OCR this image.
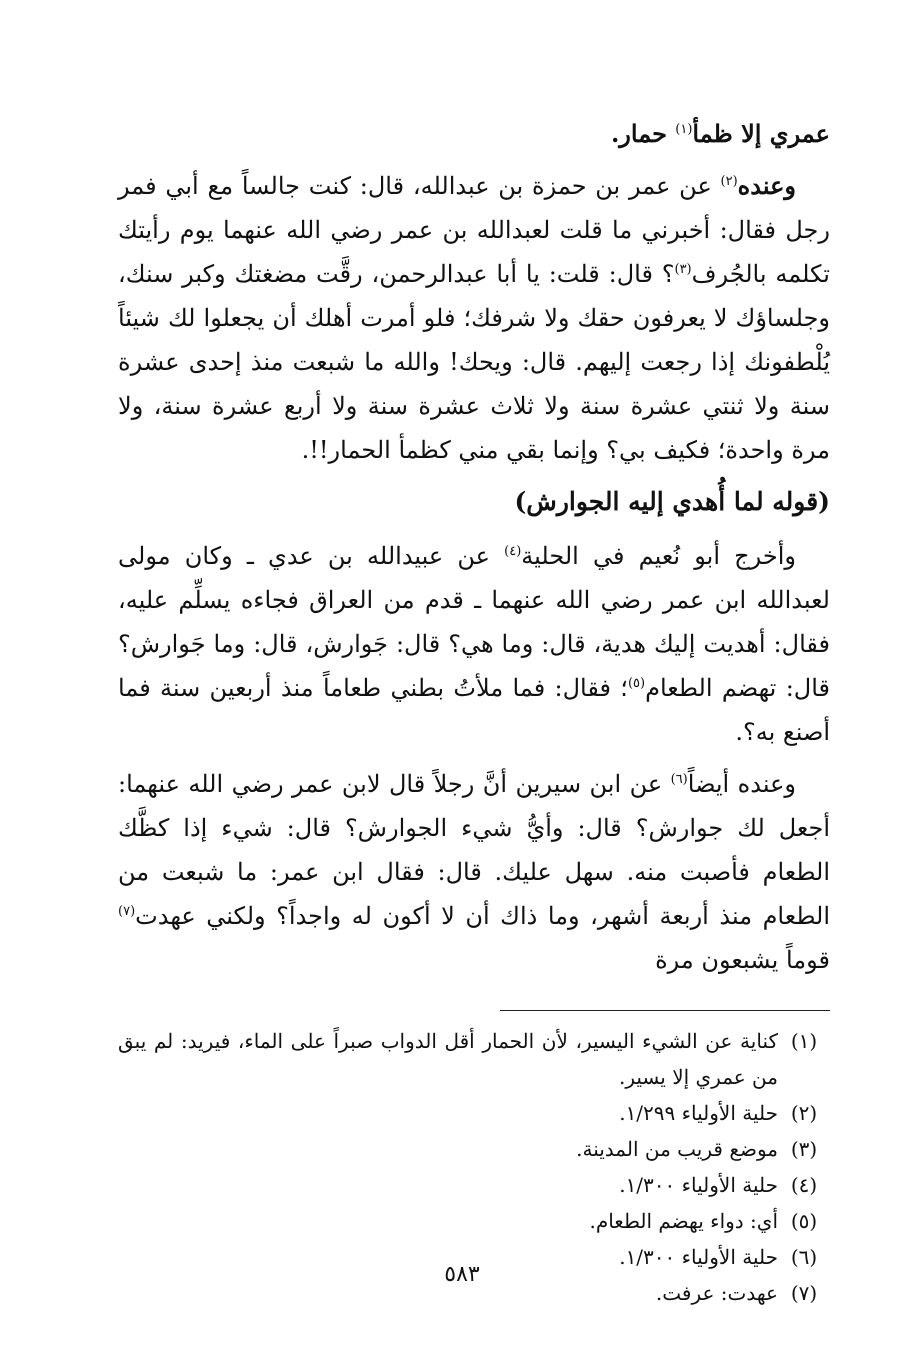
عمري إلا ظمأ$^{(١)}$ حمار.

وعنده$^{(٢)}$ عن عمر بن حمزة بن عبدالله، قال: كنت جالساً مع أبي فمر رجل فقال: أخبرني ما قلت لعبدالله بن عمر رضي الله عنهما يوم رأيتك تكلمه بالجُرف$^{(٣)}$؟ قال: قلت: يا أبا عبدالرحمن، رقَّت مضغتك وكبر سنك، وجلساؤك لا يعرفون حقك ولا شرفك؛ فلو أمرت أهلك أن يجعلوا لك شيئاً يُلْطفونك إذا رجعت إليهم. قال: ويحك! والله ما شبعت منذ إحدى عشرة سنة ولا ثنتي عشرة سنة ولا ثلاث عشرة سنة ولا أربع عشرة سنة، ولا مرة واحدة؛ فكيف بي؟ وإنما بقي مني كظمأ الحمار!!.

(قوله لما أُهدي إليه الجوارش)

وأخرج أبو نُعيم في الحلية$^{(٤)}$ عن عبيدالله بن عدي ـ وكان مولى لعبدالله ابن عمر رضي الله عنهما ـ قدم من العراق فجاءه يسلِّم عليه، فقال: أهديت إليك هدية، قال: وما هي؟ قال: جَوارش، قال: وما جَوارش؟ قال: تهضم الطعام$^{(٥)}$؛ فقال: فما ملأتُ بطني طعاماً منذ أربعين سنة فما أصنع به؟.

وعنده أيضاً$^{(٦)}$ عن ابن سيرين أنَّ رجلاً قال لابن عمر رضي الله عنهما: أجعل لك جوارش؟ قال: وأيُّ شيء الجوارش؟ قال: شيء إذا كظَّك الطعام فأصبت منه. سهل عليك. قال: فقال ابن عمر: ما شبعت من الطعام منذ أربعة أشهر، وما ذاك أن لا أكون له واجداً؟ ولكني عهدت$^{(٧)}$ قوماً يشبعون مرة

(١)
كناية عن الشيء اليسير، لأن الحمار أقل الدواب صبراً على الماء، فيريد: لم يبق من عمري إلا يسير.
(٢)
حلية الأولياء ١/٢٩٩.
(٣)
موضع قريب من المدينة.
(٤)
حلية الأولياء ١/٣٠٠.
(٥)
أي: دواء يهضم الطعام.
(٦)
حلية الأولياء ١/٣٠٠.
(٧)
عهدت: عرفت.
٥٨٣
